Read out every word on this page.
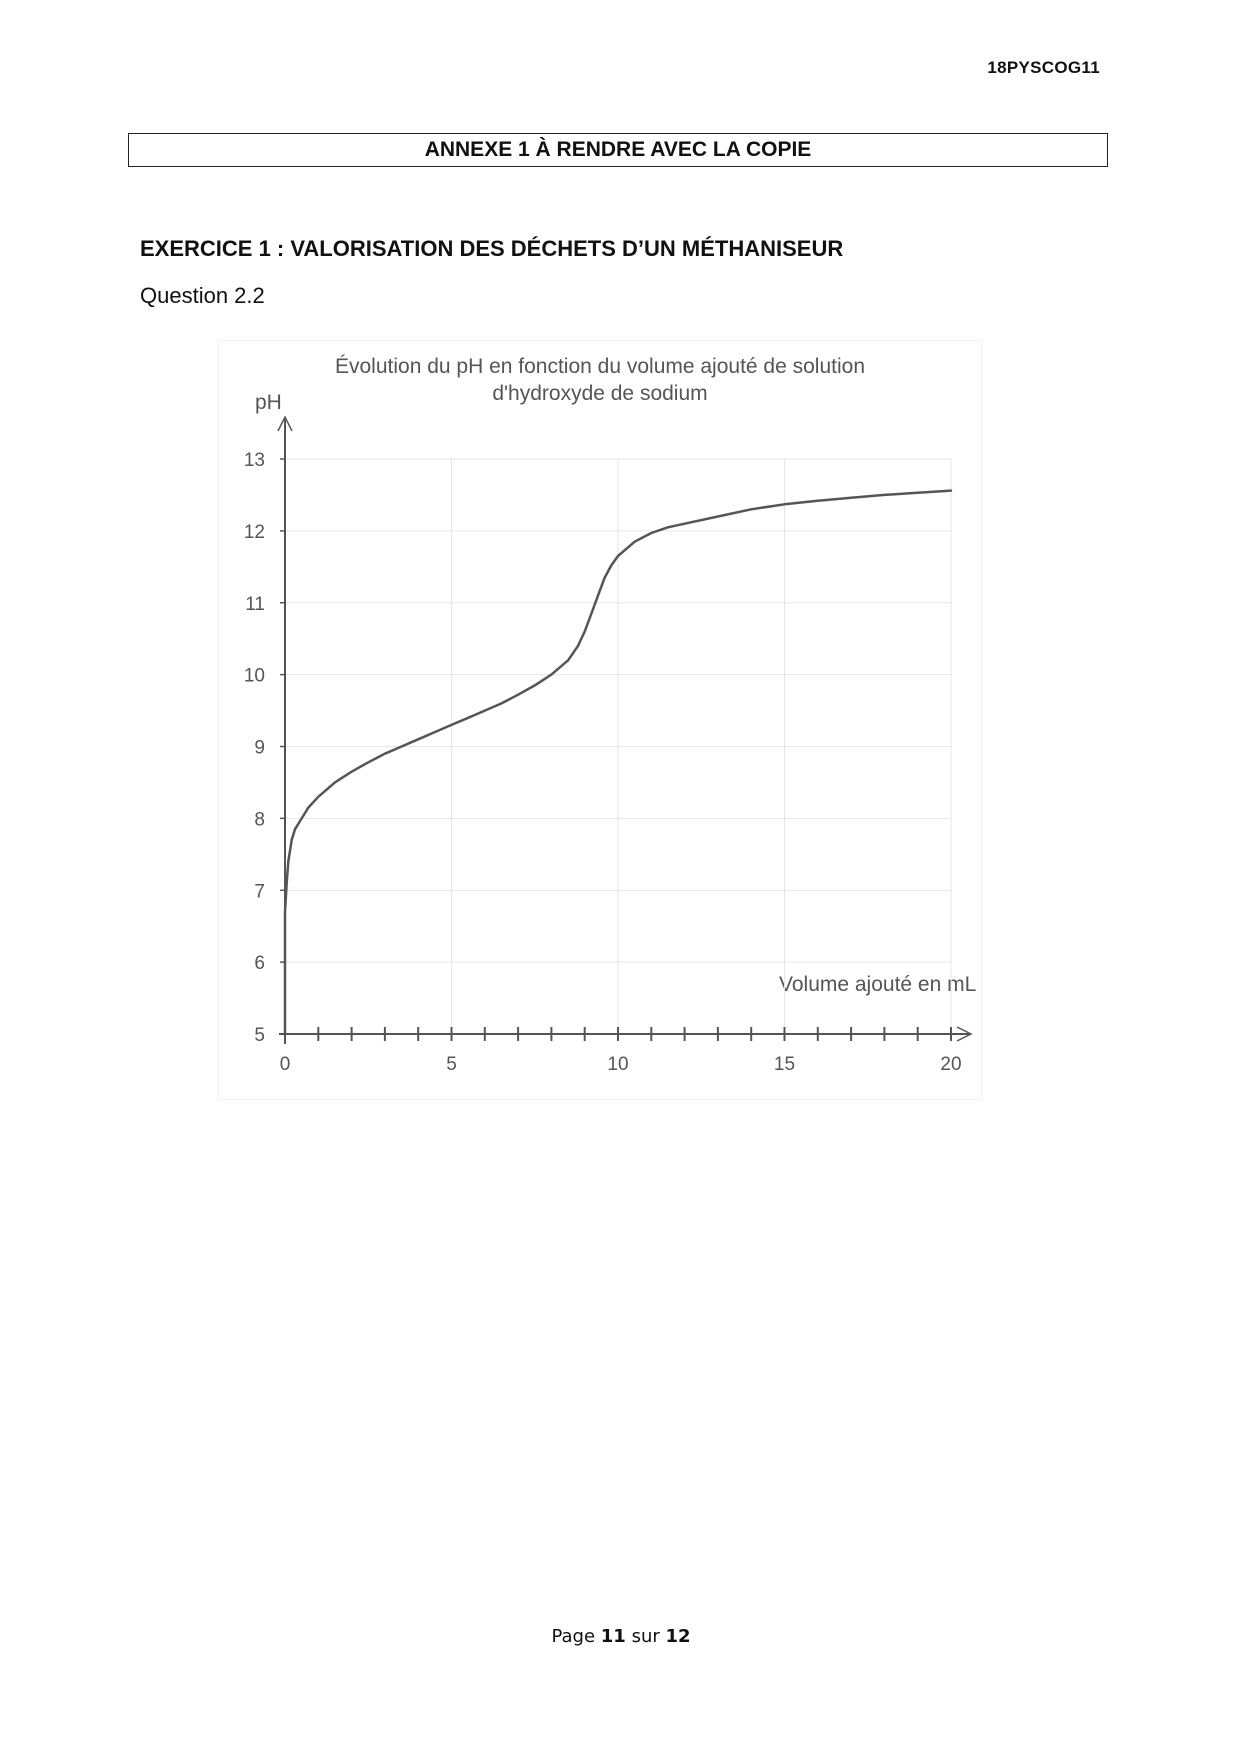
18PYSCOG11
ANNEXE 1 À RENDRE AVEC LA COPIE
EXERCICE 1 : VALORISATION DES DÉCHETS D’UN MÉTHANISEUR
Question 2.2
Évolution du pH en fonction du volume ajouté de solution
d'hydroxyde de sodium
pH
Volume ajouté en mL
0	5	10	15	20
5
6
7
8
9
10
11
12
13
Page 11 sur 12
